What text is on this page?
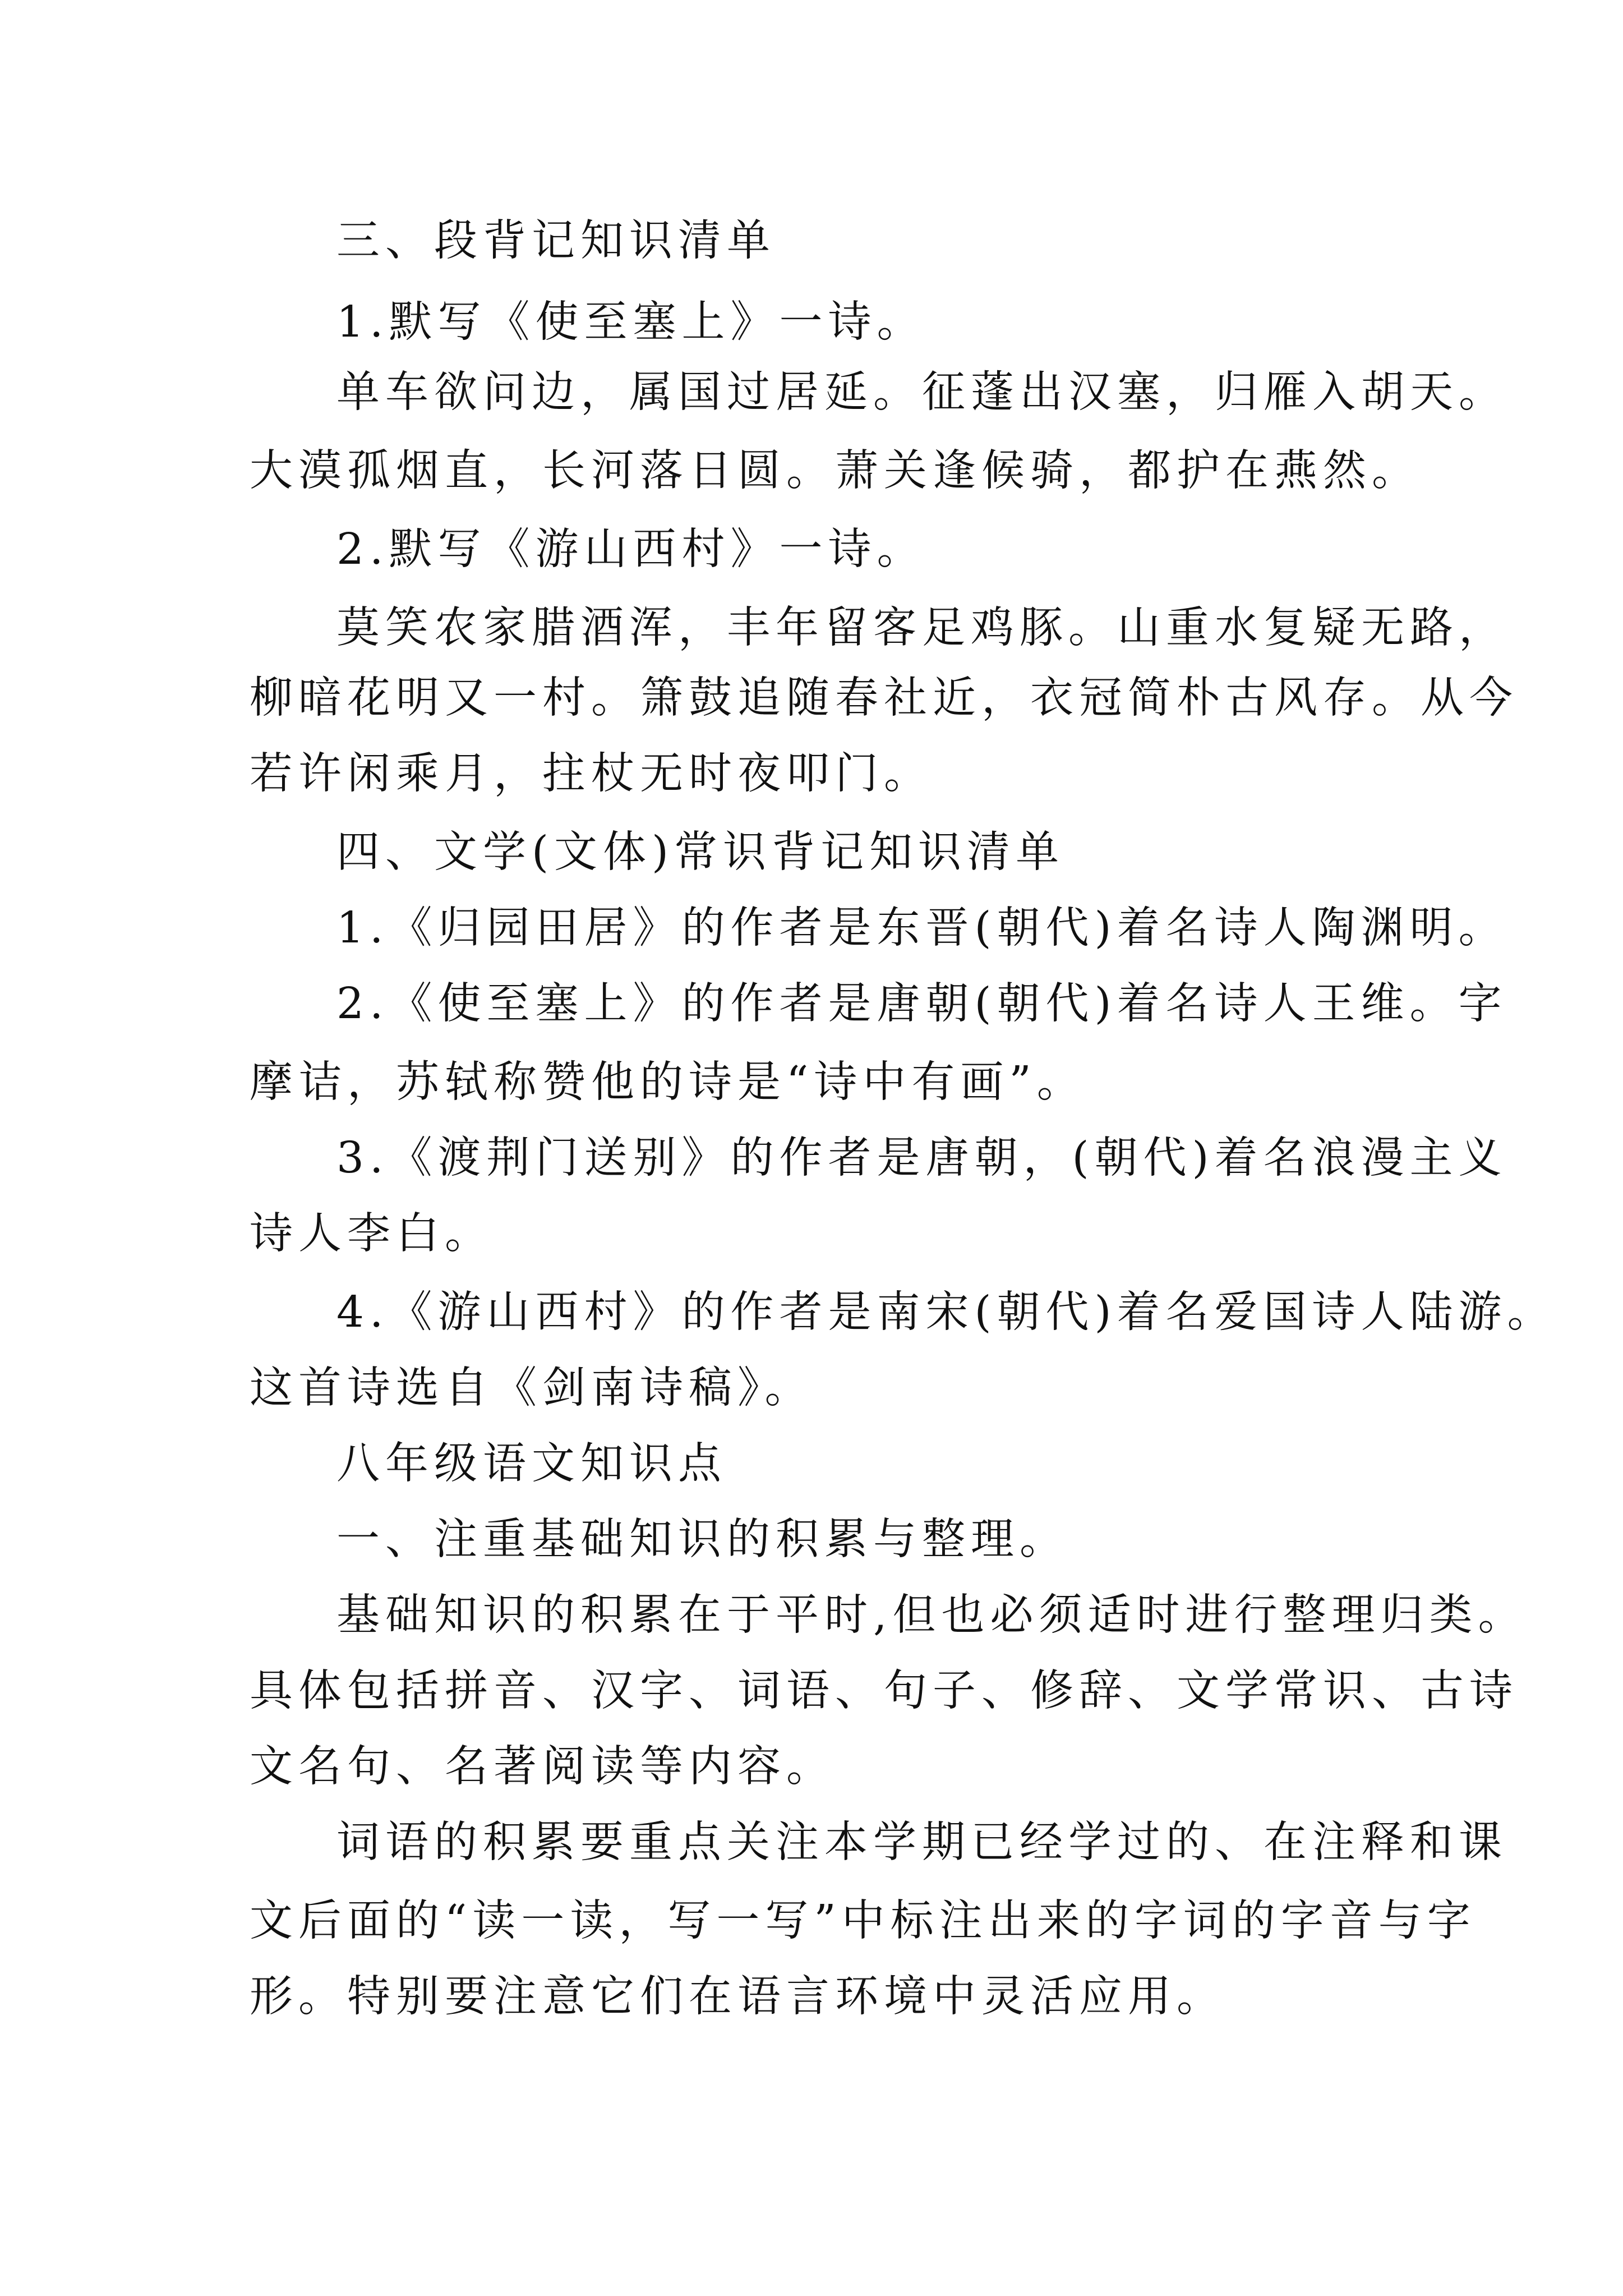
三、段背记知识清单
1.默写《使至塞上》一诗。
单车欲问边，属国过居延。征蓬出汉塞，归雁入胡天。
大漠孤烟直，长河落日圆。萧关逢候骑，都护在燕然。
2.默写《游山西村》一诗。
莫笑农家腊酒浑，丰年留客足鸡豚。山重水复疑无路，
柳暗花明又一村。箫鼓追随春社近，衣冠简朴古风存。从今
若许闲乘月，拄杖无时夜叩门。
四、文学(文体)常识背记知识清单
1.《归园田居》的作者是东晋(朝代)着名诗人陶渊明。
2.《使至塞上》的作者是唐朝(朝代)着名诗人王维。字
摩诘，苏轼称赞他的诗是“诗中有画”。
3.《渡荆门送别》的作者是唐朝，(朝代)着名浪漫主义
诗人李白。
4.《游山西村》的作者是南宋(朝代)着名爱国诗人陆游。
这首诗选自《剑南诗稿》。
八年级语文知识点
一、注重基础知识的积累与整理。
基础知识的积累在于平时,但也必须适时进行整理归类。
具体包括拼音、汉字、词语、句子、修辞、文学常识、古诗
文名句、名著阅读等内容。
词语的积累要重点关注本学期已经学过的、在注释和课
文后面的“读一读，写一写”中标注出来的字词的字音与字
形。特别要注意它们在语言环境中灵活应用。
